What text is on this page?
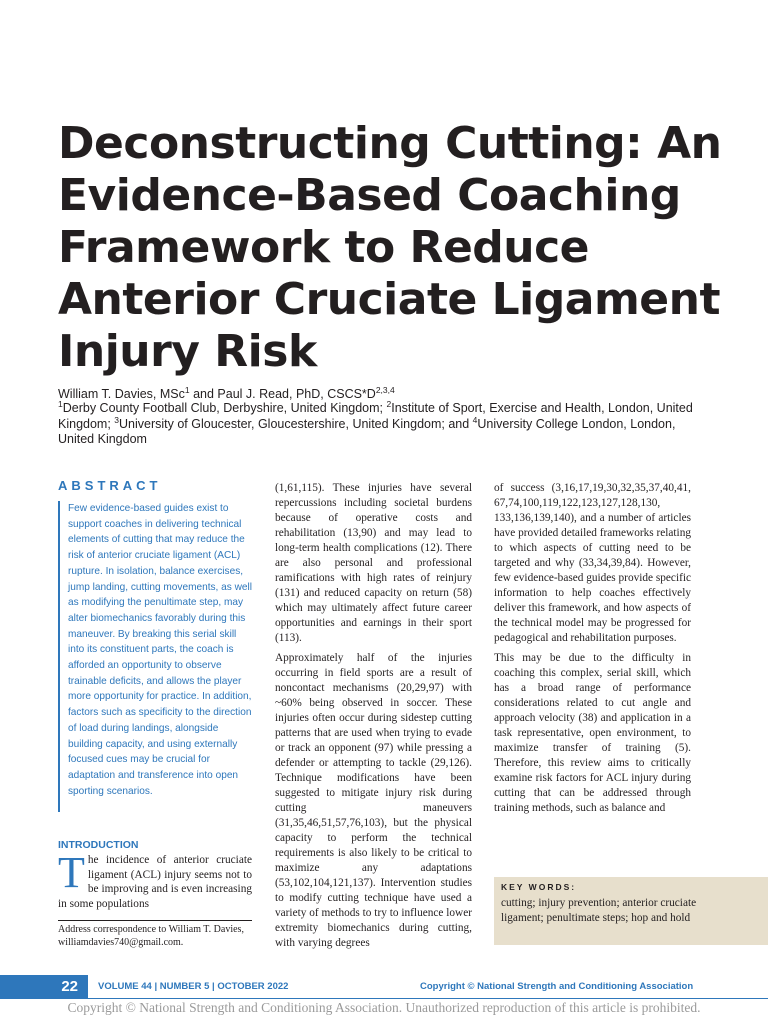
Deconstructing Cutting: An Evidence-Based Coaching Framework to Reduce Anterior Cruciate Ligament Injury Risk
William T. Davies, MSc$^1$ and Paul J. Read, PhD, $CSCS*D^{2,3,4}$
$^1$Derby County Football Club, Derbyshire, United Kingdom; $^2$Institute of Sport, Exercise and Health, London, United Kingdom; $^3$University of Gloucester, Gloucestershire, United Kingdom; and $^4$University College London, London, United Kingdom
ABSTRACT
Few evidence-based guides exist to support coaches in delivering technical elements of cutting that may reduce the risk of anterior cruciate ligament (ACL) rupture. In isolation, balance exercises, jump landing, cutting movements, as well as modifying the penultimate step, may alter biomechanics favorably during this maneuver. By breaking this serial skill into its constituent parts, the coach is afforded an opportunity to observe trainable deficits, and allows the player more opportunity for practice. In addition, factors such as specificity to the direction of load during landings, alongside building capacity, and using externally focused cues may be crucial for adaptation and transference into open sporting scenarios.
INTRODUCTION
The incidence of anterior cruciate ligament (ACL) injury seems not to be improving and is even increasing in some populations
Address correspondence to William T. Davies, williamdavies740@gmail.com.

(1,61,115). These injuries have several repercussions including societal burdens because of operative costs and rehabilitation (13,90) and may lead to long-term health complications (12). There are also personal and professional ramifications with high rates of reinjury (131) and reduced capacity on return (58) which may ultimately affect future career opportunities and earnings in their sport (113).

Approximately half of the injuries occurring in field sports are a result of noncontact mechanisms (20,29,97) with ~60% being observed in soccer. These injuries often occur during sidestep cutting patterns that are used when trying to evade or track an opponent (97) while pressing a defender or attempting to tackle (29,126). Technique modifications have been suggested to mitigate injury risk during cutting maneuvers (31,35,46,51,57,76,103), but the physical capacity to perform the technical requirements is also likely to be critical to maximize any adaptations (53,102,104,121,137). Intervention studies to modify cutting technique have used a variety of methods to try to influence lower extremity biomechanics during cutting, with varying degrees

of success (3,16,17,19,30,32,35,37,40,41, 67,74,100,119,122,123,127,128,130, 133,136,139,140), and a number of articles have provided detailed frameworks relating to which aspects of cutting need to be targeted and why (33,34,39,84). However, few evidence-based guides provide specific information to help coaches effectively deliver this framework, and how aspects of the technical model may be progressed for pedagogical and rehabilitation purposes.

This may be due to the difficulty in coaching this complex, serial skill, which has a broad range of performance considerations related to cut angle and approach velocity (38) and application in a task representative, open environment, to maximize transfer of training (5). Therefore, this review aims to critically examine risk factors for ACL injury during cutting that can be addressed through training methods, such as balance and

KEY WORDS:
cutting; injury prevention; anterior cruciate ligament; penultimate steps; hop and hold
22	VOLUME 44 | NUMBER 5 | OCTOBER 2022	Copyright © National Strength and Conditioning Association
Copyright © National Strength and Conditioning Association. Unauthorized reproduction of this article is prohibited.
